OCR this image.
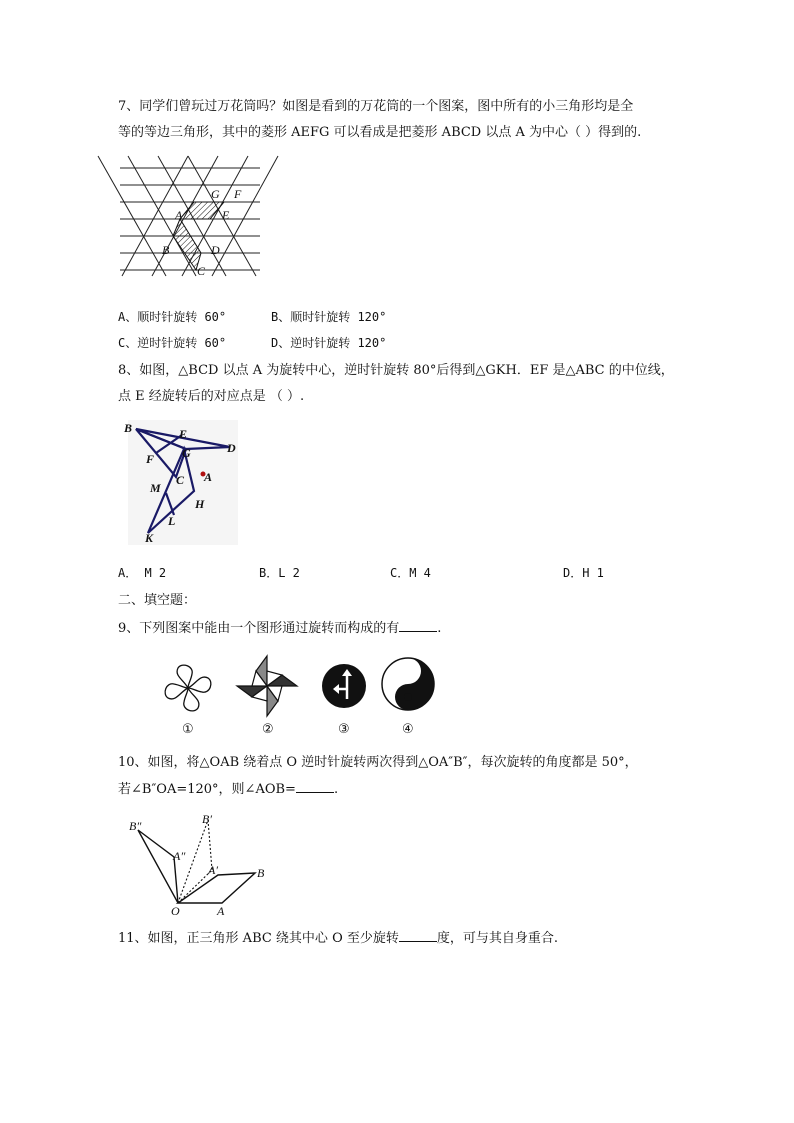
7、同学们曾玩过万花筒吗？如图是看到的万花筒的一个图案，图中所有的小三角形均是全
等的等边三角形，其中的菱形 AEFG 可以看成是把菱形 ABCD 以点 A 为中心（ ）得到的.
G F
A	E
B	D
C
A、顺时针旋转 60°	B、顺时针旋转 120°
C、逆时针旋转 60°	D、逆时针旋转 120°
8、如图，△BCD 以点 A 为旋转中心，逆时针旋转 80°后得到△GKH．EF 是△ABC 的中位线，
点 E 经旋转后的对应点是 （ ）.
B	E
D
F G
A
C
M
H
L
K
A． M 2	B．L 2	C．M 4	D．H 1
二、填空题：
9、下列图案中能由一个图形通过旋转而构成的有	.
①	②	③	④
10、如图，将△OAB 绕着点 O 逆时针旋转两次得到△OA″B″，每次旋转的角度都是 50°，
若∠B″OA=120°，则∠AOB=	.
B″	B′
A″
A′	B
O	A
11、如图，正三角形 ABC 绕其中心 O 至少旋转	度，可与其自身重合.
